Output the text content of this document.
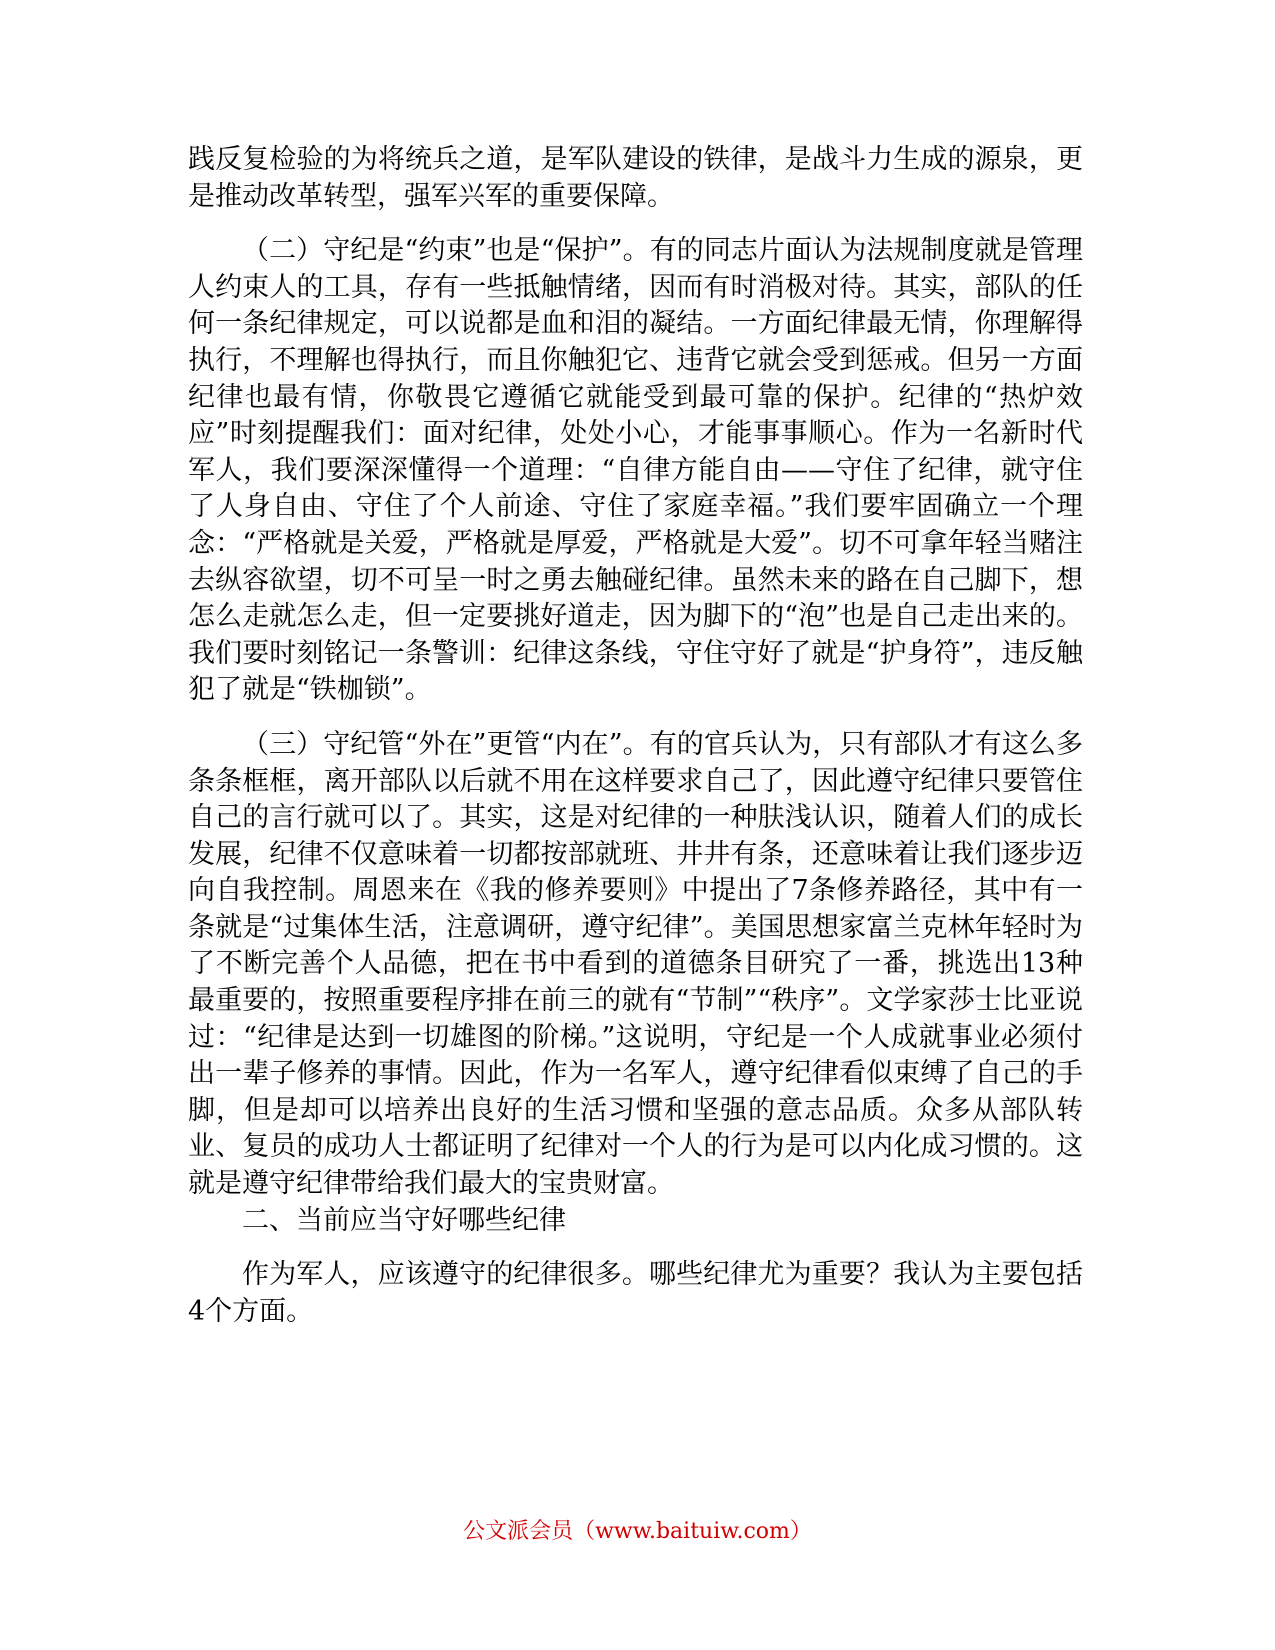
践反复检验的为将统兵之道，是军队建设的铁律，是战斗力生成的源泉，更是推动改革转型，强军兴军的重要保障。

（二）守纪是“约束”也是“保护”。有的同志片面认为法规制度就是管理人约束人的工具，存有一些抵触情绪，因而有时消极对待。其实，部队的任何一条纪律规定，可以说都是血和泪的凝结。一方面纪律最无情，你理解得执行，不理解也得执行，而且你触犯它、违背它就会受到惩戒。但另一方面纪律也最有情，你敬畏它遵循它就能受到最可靠的保护。纪律的“热炉效应”时刻提醒我们：面对纪律，处处小心，才能事事顺心。作为一名新时代军人，我们要深深懂得一个道理：“自律方能自由——守住了纪律，就守住了人身自由、守住了个人前途、守住了家庭幸福。”我们要牢固确立一个理念：“严格就是关爱，严格就是厚爱，严格就是大爱”。切不可拿年轻当赌注去纵容欲望，切不可呈一时之勇去触碰纪律。虽然未来的路在自己脚下，想怎么走就怎么走，但一定要挑好道走，因为脚下的“泡”也是自己走出来的。我们要时刻铭记一条警训：纪律这条线，守住守好了就是“护身符”，违反触犯了就是“铁枷锁”。

（三）守纪管“外在”更管“内在”。有的官兵认为，只有部队才有这么多条条框框，离开部队以后就不用在这样要求自己了，因此遵守纪律只要管住自己的言行就可以了。其实，这是对纪律的一种肤浅认识，随着人们的成长发展，纪律不仅意味着一切都按部就班、井井有条，还意味着让我们逐步迈向自我控制。周恩来在《我的修养要则》中提出了7条修养路径，其中有一条就是“过集体生活，注意调研，遵守纪律”。美国思想家富兰克林年轻时为了不断完善个人品德，把在书中看到的道德条目研究了一番，挑选出13种最重要的，按照重要程序排在前三的就有“节制”“秩序”。文学家莎士比亚说过：“纪律是达到一切雄图的阶梯。”这说明，守纪是一个人成就事业必须付出一辈子修养的事情。因此，作为一名军人，遵守纪律看似束缚了自己的手脚，但是却可以培养出良好的生活习惯和坚强的意志品质。众多从部队转业、复员的成功人士都证明了纪律对一个人的行为是可以内化成习惯的。这就是遵守纪律带给我们最大的宝贵财富。

二、当前应当守好哪些纪律

作为军人，应该遵守的纪律很多。哪些纪律尤为重要？我认为主要包括4个方面。

公文派会员（www.baituiw.com）
